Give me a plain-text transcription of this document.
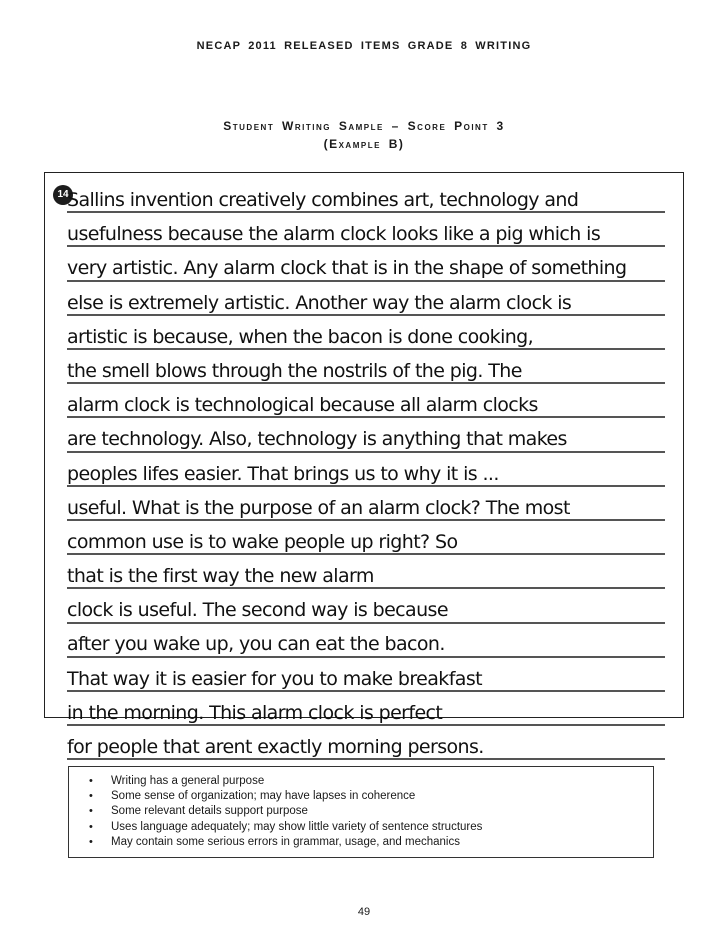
NECAP 2011 RELEASED ITEMS GRADE 8 WRITING
Student Writing Sample – Score Point 3
(Example B)
14
Sallins invention creatively combines art, technology and
usefulness because the alarm clock looks like a pig which is
very artistic. Any alarm clock that is in the shape of something
else is extremely artistic. Another way the alarm clock is
artistic is because, when the bacon is done cooking,
the smell blows through the nostrils of the pig. The
alarm clock is technological because all alarm clocks
are technology. Also, technology is anything that makes
peoples lifes easier. That brings us to why it is ...
useful. What is the purpose of an alarm clock? The most
common use is to wake people up right? So
that is the first way the new alarm
clock is useful. The second way is because
after you wake up, you can eat the bacon.
That way it is easier for you to make breakfast
in the morning. This alarm clock is perfect
for people that arent exactly morning persons.
• Writing has a general purpose
• Some sense of organization; may have lapses in coherence
• Some relevant details support purpose
• Uses language adequately; may show little variety of sentence structures
• May contain some serious errors in grammar, usage, and mechanics
49
